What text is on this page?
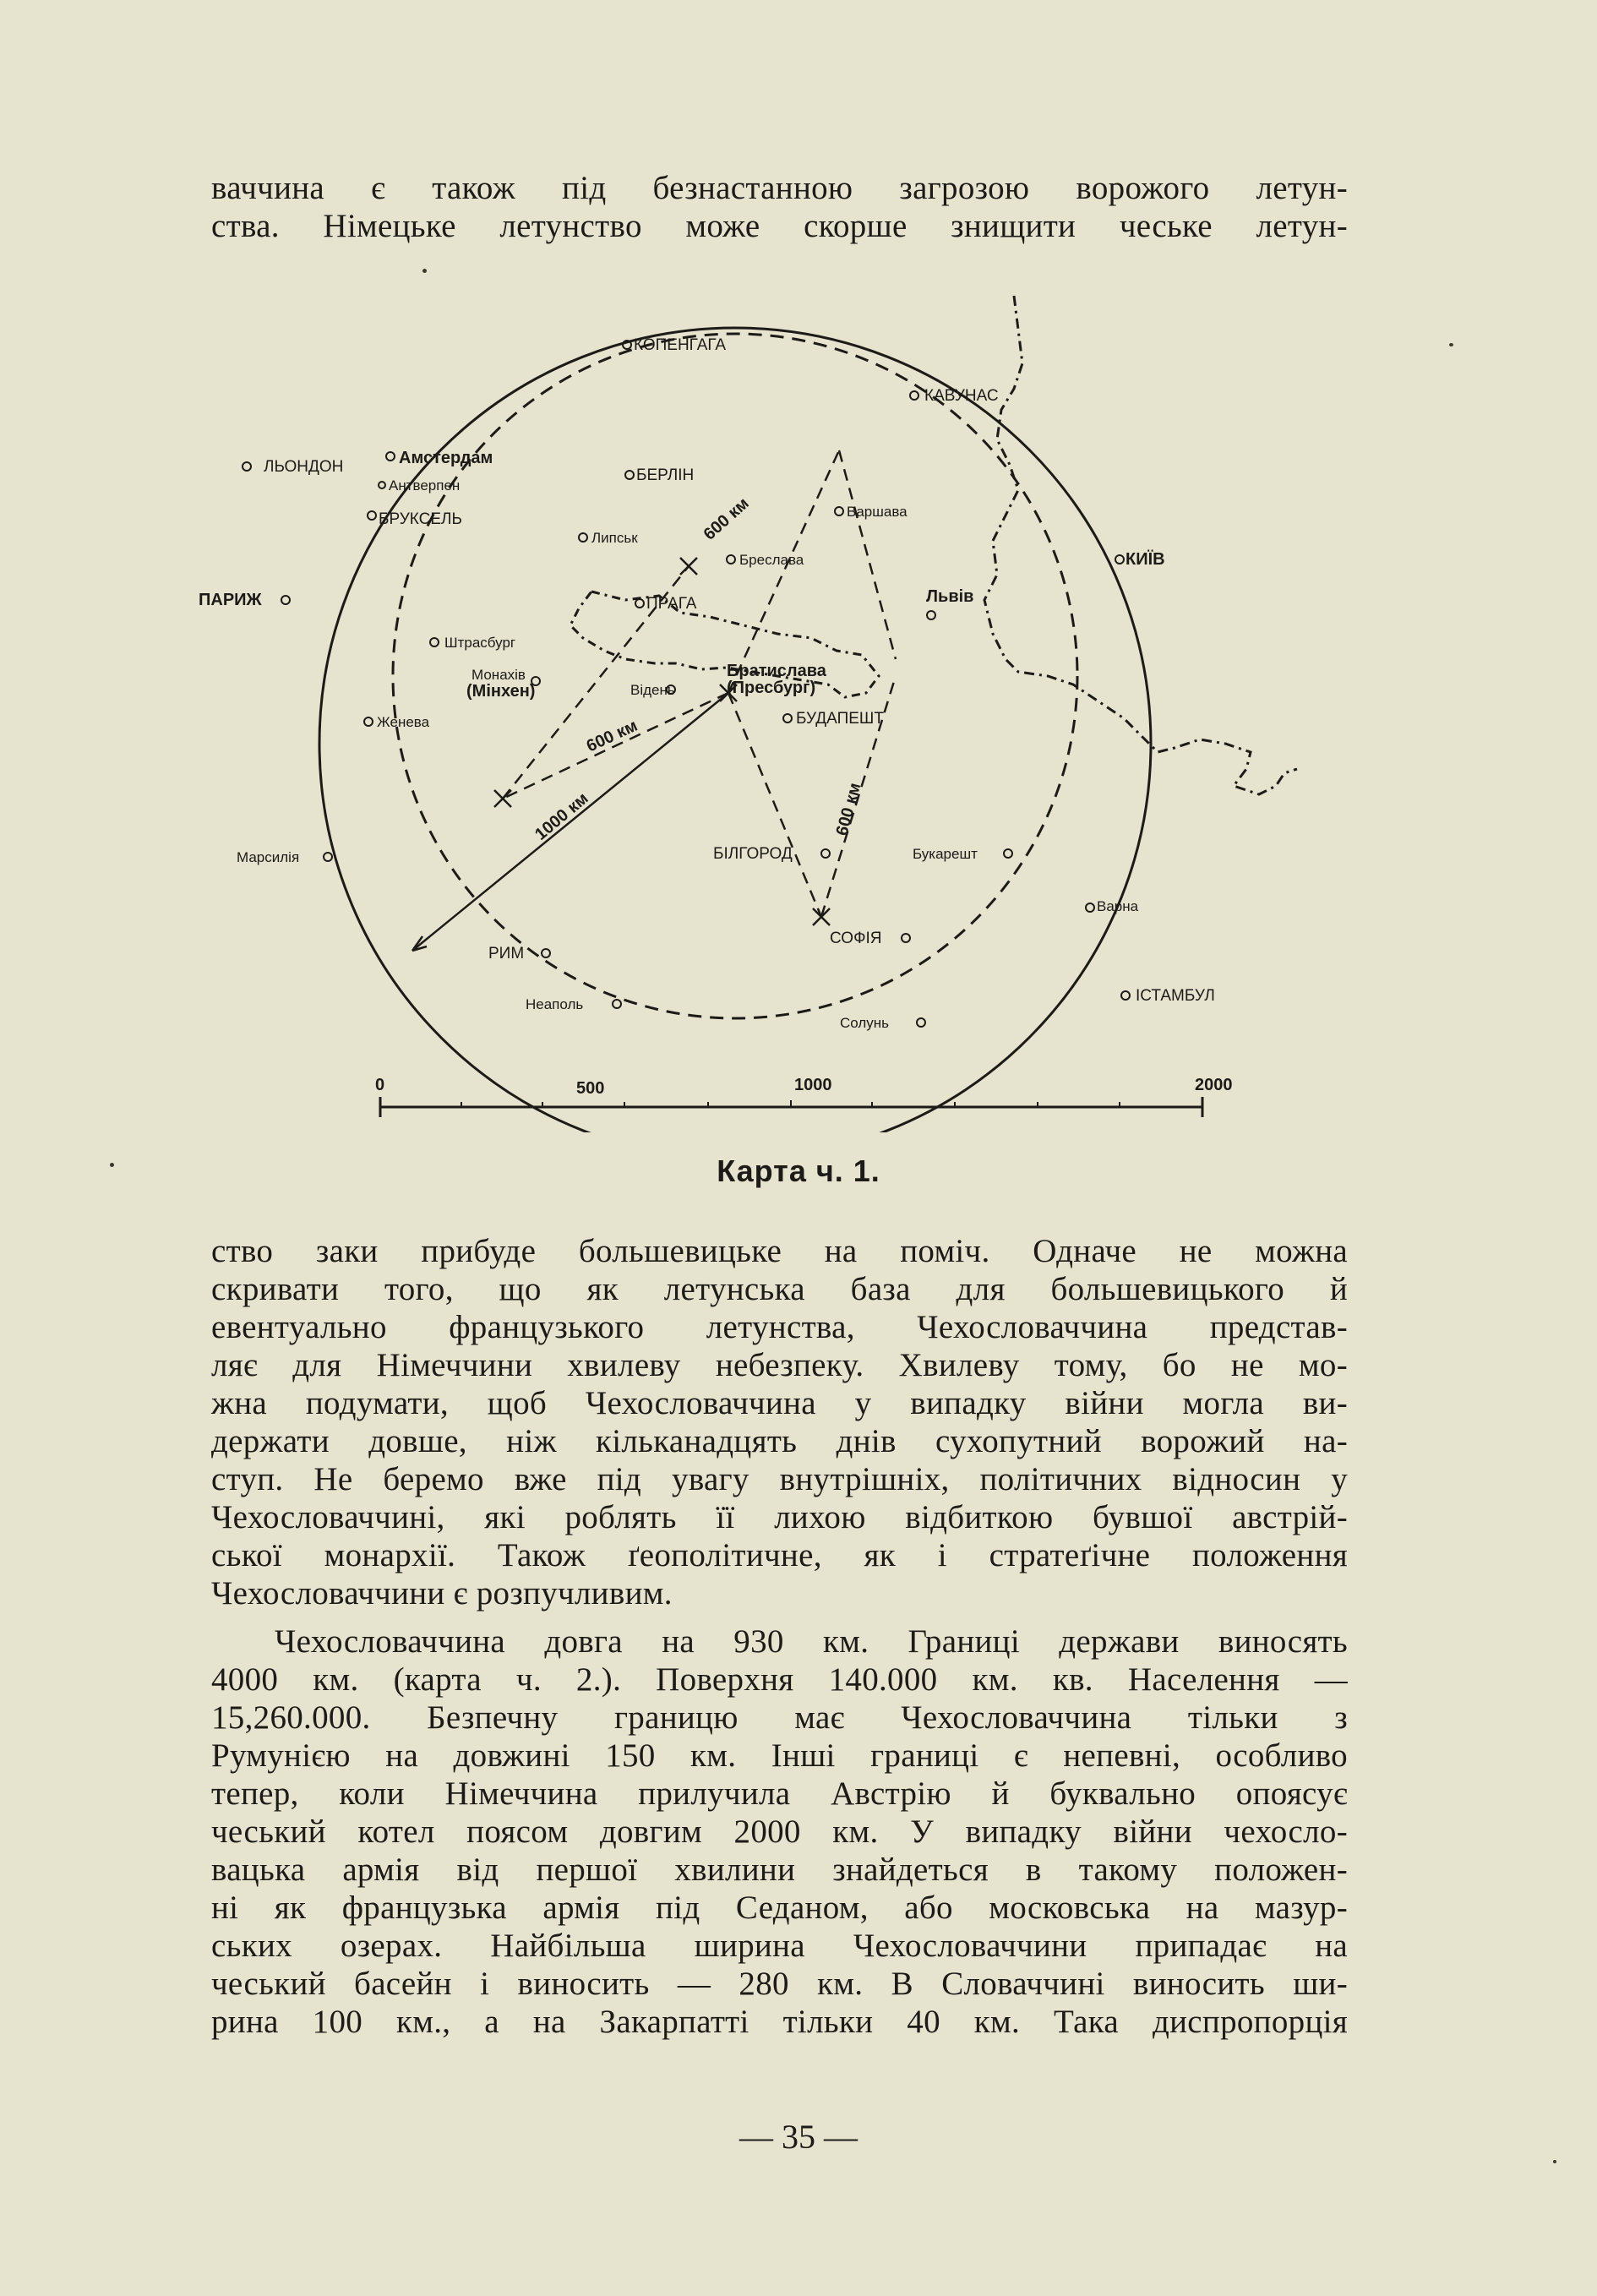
ваччина є також під безнастанною загрозою ворожого летун-
ства. Німецьке летунство може скорше знищити чеське летун-
КОПЕНГАГА
КАВУНАС
ЛЬОНДОН	Амстердам
Антверпен
БРУКСЕЛЬ
БЕРЛІН
Липськ
Варшава
Бреслава
ПАРИЖ	ПРАГА	Львів
КИЇВ
Штрасбург
Монахів
(Мінхен)	Відень
Братислава
(Пресбург)
БУДАПЕШТ
Женева
Марсилія	БІЛГОРОД	Букарешт
Варна
СОФІЯ
РИМ
ІСТАМБУЛ
Неаполь
Солунь
600 км
600 км
600 км
1000 км
0	500	1000	2000
Карта ч. 1.
ство заки прибуде большевицьке на поміч. Одначе не можна
скривати того, що як летунська база для большевицького й
евентуально французького летунства, Чехословаччина представ-
ляє для Німеччини хвилеву небезпеку. Хвилеву тому, бо не мо-
жна подумати, щоб Чехословаччина у випадку війни могла ви-
держати довше, ніж кільканадцять днів сухопутний ворожий на-
ступ. Не беремо вже під увагу внутрішніх, політичних відносин у
Чехословаччині, які роблять її лихою відбиткою бувшої австрій-
ської монархії. Також ґеополітичне, як і стратеґічне положення
Чехословаччини є розпучливим.
Чехословаччина довга на 930 км. Границі держави виносять
4000 км. (карта ч. 2.). Поверхня 140.000 км. кв. Населення —
15,260.000. Безпечну границю має Чехословаччина тільки з
Румунією на довжині 150 км. Інші границі є непевні, особливо
тепер, коли Німеччина прилучила Австрію й буквально опоясує
чеський котел поясом довгим 2000 км. У випадку війни чехосло-
вацька армія від першої хвилини знайдеться в такому положен-
ні як французька армія під Седаном, або московська на мазур-
ських озерах. Найбільша ширина Чехословаччини припадає на
чеський басейн і виносить — 280 км. В Словаччині виносить ши-
рина 100 км., а на Закарпатті тільки 40 км. Така диспропорція
— 35 —
